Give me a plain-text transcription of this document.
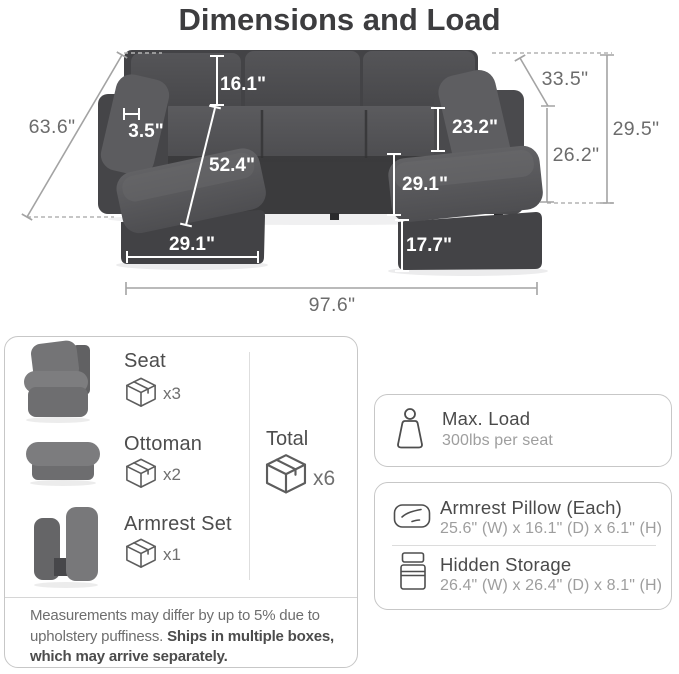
Dimensions and Load
16.1"
3.5"
52.4"
29.1"
23.2"
29.1"
17.7"
63.6"
33.5"
26.2"
29.5"
97.6"
Seat
x3
Ottoman
x2
Armrest Set
x1
Total
x6

Measurements may differ by up to 5% due to upholstery puffiness. Ships in multiple boxes, which may arrive separately.

Max. Load
300lbs per seat
Armrest Pillow (Each)
25.6" (W) x 16.1" (D) x 6.1" (H)
Hidden Storage
26.4" (W) x 26.4" (D) x 8.1" (H)
